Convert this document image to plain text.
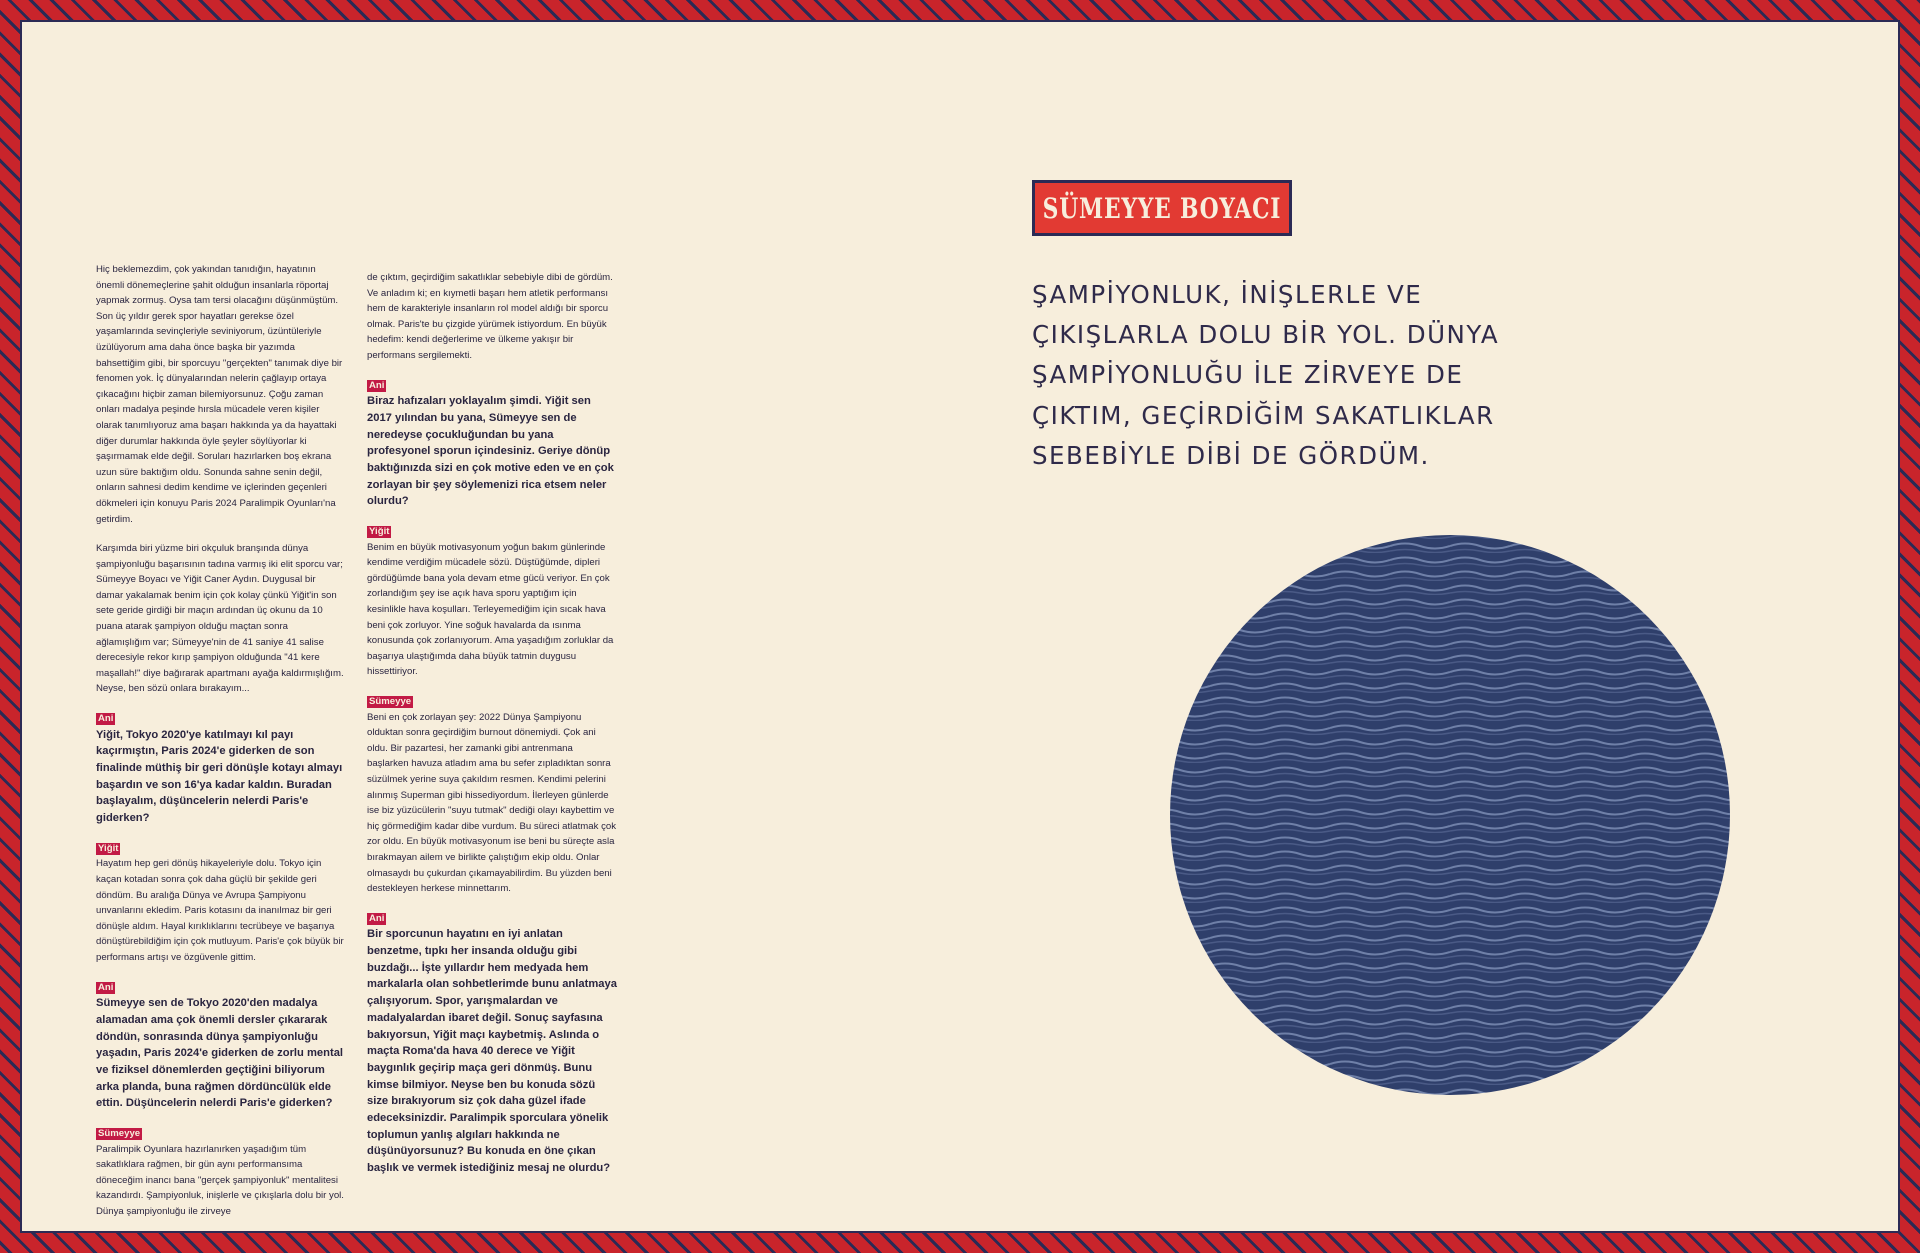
Hiç beklemezdim, çok yakından tanıdığın, hayatının önemli dönemeçlerine şahit olduğun insanlarla röportaj yapmak zormuş. Oysa tam tersi olacağını düşünmüştüm. Son üç yıldır gerek spor hayatları gerekse özel yaşamlarında sevinçleriyle seviniyorum, üzüntüleriyle üzülüyorum ama daha önce başka bir yazımda bahsettiğim gibi, bir sporcuyu "gerçekten" tanımak diye bir fenomen yok. İç dünyalarından nelerin çağlayıp ortaya çıkacağını hiçbir zaman bilemiyorsunuz. Çoğu zaman onları madalya peşinde hırsla mücadele veren kişiler olarak tanımlıyoruz ama başarı hakkında ya da hayattaki diğer durumlar hakkında öyle şeyler söylüyorlar ki şaşırmamak elde değil. Soruları hazırlarken boş ekrana uzun süre baktığım oldu. Sonunda sahne senin değil, onların sahnesi dedim kendime ve içlerinden geçenleri dökmeleri için konuyu Paris 2024 Paralimpik Oyunları'na getirdim.

Karşımda biri yüzme biri okçuluk branşında dünya şampiyonluğu başarısının tadına varmış iki elit sporcu var; Sümeyye Boyacı ve Yiğit Caner Aydın. Duygusal bir damar yakalamak benim için çok kolay çünkü Yiğit'in son sete geride girdiği bir maçın ardından üç okunu da 10 puana atarak şampiyon olduğu maçtan sonra ağlamışlığım var; Sümeyye'nin de 41 saniye 41 salise derecesiyle rekor kırıp şampiyon olduğunda "41 kere maşallah!" diye bağırarak apartmanı ayağa kaldırmışlığım. Neyse, ben sözü onlara bırakayım...

Ani
Yiğit, Tokyo 2020'ye katılmayı kıl payı kaçırmıştın, Paris 2024'e giderken de son finalinde müthiş bir geri dönüşle kotayı almayı başardın ve son 16'ya kadar kaldın. Buradan başlayalım, düşüncelerin nelerdi Paris'e giderken?
Yiğit
Hayatım hep geri dönüş hikayeleriyle dolu. Tokyo için kaçan kotadan sonra çok daha güçlü bir şekilde geri döndüm. Bu aralığa Dünya ve Avrupa Şampiyonu unvanlarını ekledim. Paris kotasını da inanılmaz bir geri dönüşle aldım. Hayal kırıklıklarını tecrübeye ve başarıya dönüştürebildiğim için çok mutluyum. Paris'e çok büyük bir performans artışı ve özgüvenle gittim.
Ani
Sümeyye sen de Tokyo 2020'den madalya alamadan ama çok önemli dersler çıkararak döndün, sonrasında dünya şampiyonluğu yaşadın, Paris 2024'e giderken de zorlu mental ve fiziksel dönemlerden geçtiğini biliyorum arka planda, buna rağmen dördüncülük elde ettin. Düşüncelerin nelerdi Paris'e giderken?
Sümeyye
Paralimpik Oyunlara hazırlanırken yaşadığım tüm sakatlıklara rağmen, bir gün aynı performansıma döneceğim inancı bana "gerçek şampiyonluk" mentalitesi kazandırdı. Şampiyonluk, inişlerle ve çıkışlarla dolu bir yol. Dünya şampiyonluğu ile zirveye

de çıktım, geçirdiğim sakatlıklar sebebiyle dibi de gördüm. Ve anladım ki; en kıymetli başarı hem atletik performansı hem de karakteriyle insanların rol model aldığı bir sporcu olmak. Paris'te bu çizgide yürümek istiyordum. En büyük hedefim: kendi değerlerime ve ülkeme yakışır bir performans sergilemekti.

Ani
Biraz hafızaları yoklayalım şimdi. Yiğit sen 2017 yılından bu yana, Sümeyye sen de neredeyse çocukluğundan bu yana profesyonel sporun içindesiniz. Geriye dönüp baktığınızda sizi en çok motive eden ve en çok zorlayan bir şey söylemenizi rica etsem neler olurdu?
Yiğit
Benim en büyük motivasyonum yoğun bakım günlerinde kendime verdiğim mücadele sözü. Düştüğümde, dipleri gördüğümde bana yola devam etme gücü veriyor. En çok zorlandığım şey ise açık hava sporu yaptığım için kesinlikle hava koşulları. Terleyemediğim için sıcak hava beni çok zorluyor. Yine soğuk havalarda da ısınma konusunda çok zorlanıyorum. Ama yaşadığım zorluklar da başarıya ulaştığımda daha büyük tatmin duygusu hissettiriyor.
Sümeyye
Beni en çok zorlayan şey: 2022 Dünya Şampiyonu olduktan sonra geçirdiğim burnout dönemiydi. Çok ani oldu. Bir pazartesi, her zamanki gibi antrenmana başlarken havuza atladım ama bu sefer zıpladıktan sonra süzülmek yerine suya çakıldım resmen. Kendimi pelerini alınmış Superman gibi hissediyordum. İlerleyen günlerde ise biz yüzücülerin "suyu tutmak" dediği olayı kaybettim ve hiç görmediğim kadar dibe vurdum. Bu süreci atlatmak çok zor oldu. En büyük motivasyonum ise beni bu süreçte asla bırakmayan ailem ve birlikte çalıştığım ekip oldu. Onlar olmasaydı bu çukurdan çıkamayabilirdim. Bu yüzden beni destekleyen herkese minnettarım.
Ani
Bir sporcunun hayatını en iyi anlatan benzetme, tıpkı her insanda olduğu gibi buzdağı... İşte yıllardır hem medyada hem markalarla olan sohbetlerimde bunu anlatmaya çalışıyorum. Spor, yarışmalardan ve madalyalardan ibaret değil. Sonuç sayfasına bakıyorsun, Yiğit maçı kaybetmiş. Aslında o maçta Roma'da hava 40 derece ve Yiğit baygınlık geçirip maça geri dönmüş. Bunu kimse bilmiyor. Neyse ben bu konuda sözü size bırakıyorum siz çok daha güzel ifade edeceksinizdir. Paralimpik sporculara yönelik toplumun yanlış algıları hakkında ne düşünüyorsunuz? Bu konuda en öne çıkan başlık ve vermek istediğiniz mesaj ne olurdu?
SÜMEYYE BOYACI
ŞAMPİYONLUK, İNİŞLERLE VE ÇIKIŞLARLA DOLU BİR YOL. DÜNYA ŞAMPİYONLUĞU İLE ZİRVEYE DE ÇIKTIM, GEÇİRDİĞİM SAKATLIKLAR SEBEBİYLE DİBİ DE GÖRDÜM.
